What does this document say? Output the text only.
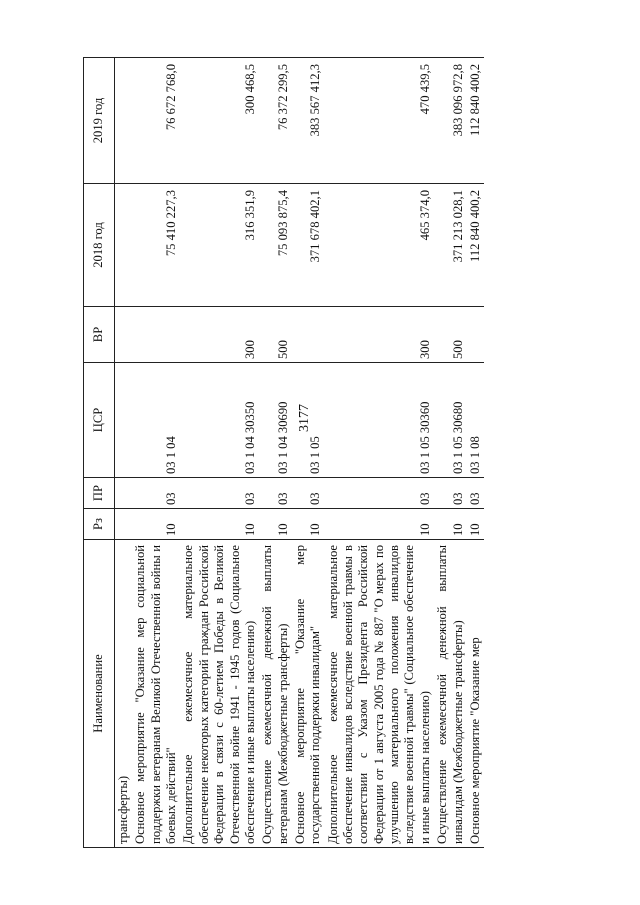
3177
Наименование	Рз	ПР	ЦСР	ВР	2018 год	2019 год
трансферты)						
Основное мероприятие "Оказание мер социальной поддержки ветеранам Великой Отечественной войны и боевых действий"	10	03	03 1 04		75 410 227,3	76 672 768,0
Дополнительное ежемесячное материальное обеспечение некоторых категорий граждан Российской Федерации в связи с 60-летием Победы в Великой Отечественной войне 1941 - 1945 годов (Социальное обеспечение и иные выплаты населению)	10	03	03 1 04 30350	300	316 351,9	300 468,5
Осуществление ежемесячной денежной выплаты ветеранам (Межбюджетные трансферты)	10	03	03 1 04 30690	500	75 093 875,4	76 372 299,5
Основное мероприятие "Оказание мер государственной поддержки инвалидам"	10	03	03 1 05		371 678 402,1	383 567 412,3
Дополнительное ежемесячное материальное обеспечение инвалидов вследствие военной травмы в соответствии с Указом Президента Российской Федерации от 1 августа 2005 года № 887 "О мерах по улучшению материального положения инвалидов вследствие военной травмы" (Социальное обеспечение и иные выплаты населению)	10	03	03 1 05 30360	300	465 374,0	470 439,5
Осуществление ежемесячной денежной выплаты инвалидам (Межбюджетные трансферты)	10	03	03 1 05 30680	500	371 213 028,1	383 096 972,8
Основное мероприятие "Оказание мер	10	03	03 1 08		112 840 400,2	112 840 400,2
